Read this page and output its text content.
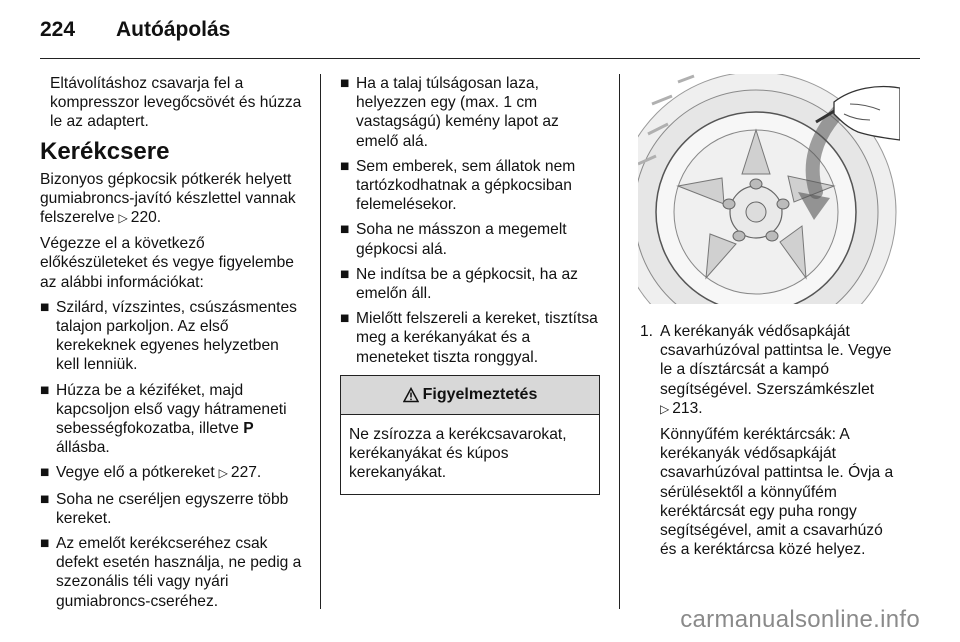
224 Autóápolás

Eltávolításhoz csavarja fel a kompresszor levegőcsövét és húzza le az adaptert.

Kerékcsere

Bizonyos gépkocsik pótkerék helyett gumiabroncs-javító készlettel vannak felszerelve ▷ 220.

Végezze el a következő előkészületeket és vegye figyelembe az alábbi információkat:

■ Szilárd, vízszintes, csúszásmentes talajon parkoljon. Az első kerekeknek egyenes helyzetben kell lenniük.
■ Húzza be a kéziféket, majd kapcsoljon első vagy hátrameneti sebességfokozatba, illetve P
állásba.
■ Vegye elő a pótkereket ▷ 227.
■ Soha ne cseréljen egyszerre több kereket.
■ Az emelőt kerékcseréhez csak defekt esetén használja, ne pedig a szezonális téli vagy nyári gumiabroncs-cseréhez.
■ Ha a talaj túlságosan laza, helyezzen egy (max. 1 cm vastagságú) kemény lapot az emelő alá.
■ Sem emberek, sem állatok nem tartózkodhatnak a gépkocsiban felemelésekor.
■ Soha ne másszon a megemelt gépkocsi alá.
■ Ne indítsa be a gépkocsit, ha az emelőn áll.
■ Mielőtt felszereli a kereket, tisztítsa meg a kerékanyákat és a meneteket tiszta ronggyal.
Figyelmeztetés
Ne zsírozza a kerékcsavarokat, kerékanyákat és kúpos kerekanyákat.
1. A kerékanyák védősapkáját csavarhúzóval pattintsa le. Vegye le a dísztárcsát a kampó segítségével. Szerszámkészlet
▷ 213.

Könnyűfém keréktárcsák: A kerékanyák védősapkáját csavarhúzóval pattintsa le. Óvja a sérülésektől a könnyűfém keréktárcsát egy puha rongy segítségével, amit a csavarhúzó és a keréktárcsa közé helyez.

carmanualsonline.info
